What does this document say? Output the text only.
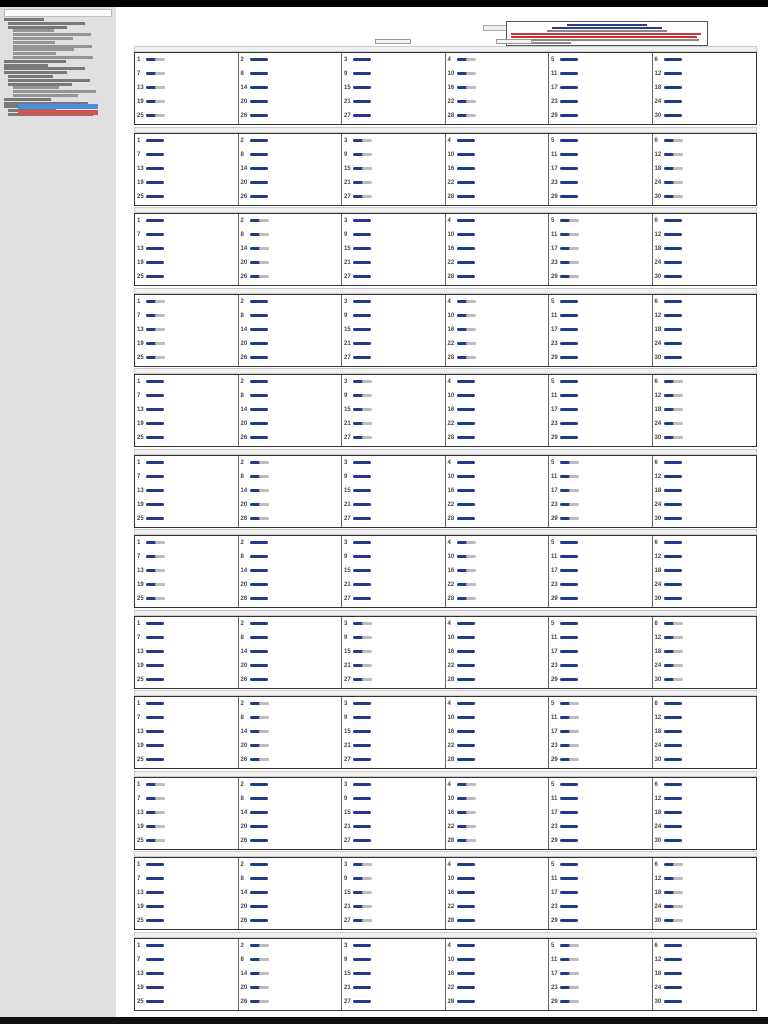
1
7
13
19
25
2
8
14
20
26
3
9
15
21
27
4
10
16
22
28
5
11
17
23
29
6
12
18
24
30
1
7
13
19
25
2
8
14
20
26
3
9
15
21
27
4
10
16
22
28
5
11
17
23
29
6
12
18
24
30
1
7
13
19
25
2
8
14
20
26
3
9
15
21
27
4
10
16
22
28
5
11
17
23
29
6
12
18
24
30
1
7
13
19
25
2
8
14
20
26
3
9
15
21
27
4
10
16
22
28
5
11
17
23
29
6
12
18
24
30
1
7
13
19
25
2
8
14
20
26
3
9
15
21
27
4
10
16
22
28
5
11
17
23
29
6
12
18
24
30
1
7
13
19
25
2
8
14
20
26
3
9
15
21
27
4
10
16
22
28
5
11
17
23
29
6
12
18
24
30
1
7
13
19
25
2
8
14
20
26
3
9
15
21
27
4
10
16
22
28
5
11
17
23
29
6
12
18
24
30
1
7
13
19
25
2
8
14
20
26
3
9
15
21
27
4
10
16
22
28
5
11
17
23
29
6
12
18
24
30
1
7
13
19
25
2
8
14
20
26
3
9
15
21
27
4
10
16
22
28
5
11
17
23
29
6
12
18
24
30
1
7
13
19
25
2
8
14
20
26
3
9
15
21
27
4
10
16
22
28
5
11
17
23
29
6
12
18
24
30
1
7
13
19
25
2
8
14
20
26
3
9
15
21
27
4
10
16
22
28
5
11
17
23
29
6
12
18
24
30
1
7
13
19
25
2
8
14
20
26
3
9
15
21
27
4
10
16
22
28
5
11
17
23
29
6
12
18
24
30
